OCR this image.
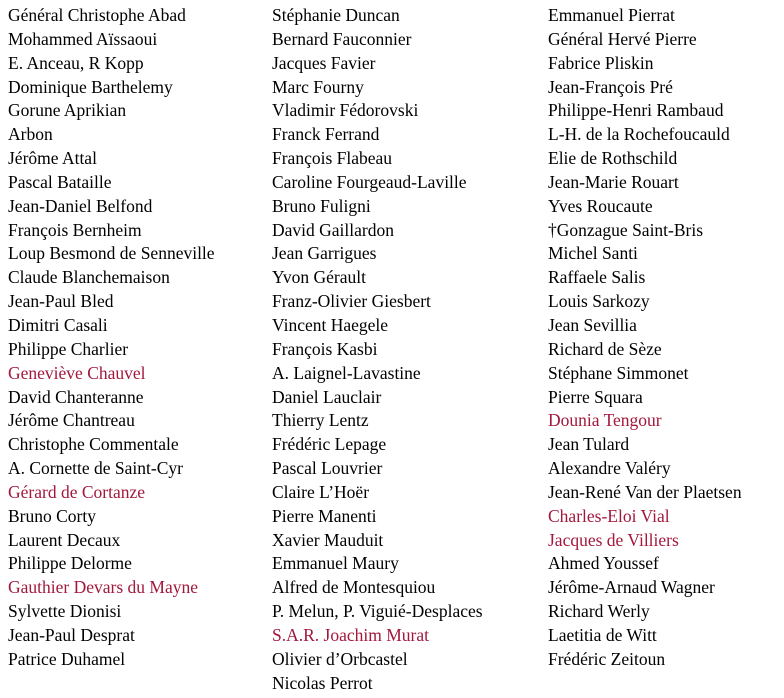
Général Christophe Abad
Mohammed Aïssaoui
E. Anceau, R Kopp
Dominique Barthelemy
Gorune Aprikian
Arbon
Jérôme Attal
Pascal Bataille
Jean-Daniel Belfond
François Bernheim
Loup Besmond de Senneville
Claude Blanchemaison
Jean-Paul Bled
Dimitri Casali
Philippe Charlier
Geneviève Chauvel
David Chanteranne
Jérôme Chantreau
Christophe Commentale
A. Cornette de Saint-Cyr
Gérard de Cortanze
Bruno Corty
Laurent Decaux
Philippe Delorme
Gauthier Devars du Mayne
Sylvette Dionisi
Jean-Paul Desprat
Patrice Duhamel
Stéphanie Duncan
Bernard Fauconnier
Jacques Favier
Marc Fourny
Vladimir Fédorovski
Franck Ferrand
François Flabeau
Caroline Fourgeaud-Laville
Bruno Fuligni
David Gaillardon
Jean Garrigues
Yvon Gérault
Franz-Olivier Giesbert
Vincent Haegele
François Kasbi
A. Laignel-Lavastine
Daniel Lauclair
Thierry Lentz
Frédéric Lepage
Pascal Louvrier
Claire L’Hoër
Pierre Manenti
Xavier Mauduit
Emmanuel Maury
Alfred de Montesquiou
P. Melun, P. Viguié-Desplaces
S.A.R. Joachim Murat
Olivier d’Orbcastel
Nicolas Perrot
Emmanuel Pierrat
Général Hervé Pierre
Fabrice Pliskin
Jean-François Pré
Philippe-Henri Rambaud
L-H. de la Rochefoucauld
Elie de Rothschild
Jean-Marie Rouart
Yves Roucaute
†Gonzague Saint-Bris
Michel Santi
Raffaele Salis
Louis Sarkozy
Jean Sevillia
Richard de Sèze
Stéphane Simmonet
Pierre Squara
Dounia Tengour
Jean Tulard
Alexandre Valéry
Jean-René Van der Plaetsen
Charles-Eloi Vial
Jacques de Villiers
Ahmed Youssef
Jérôme-Arnaud Wagner
Richard Werly
Laetitia de Witt
Frédéric Zeitoun
